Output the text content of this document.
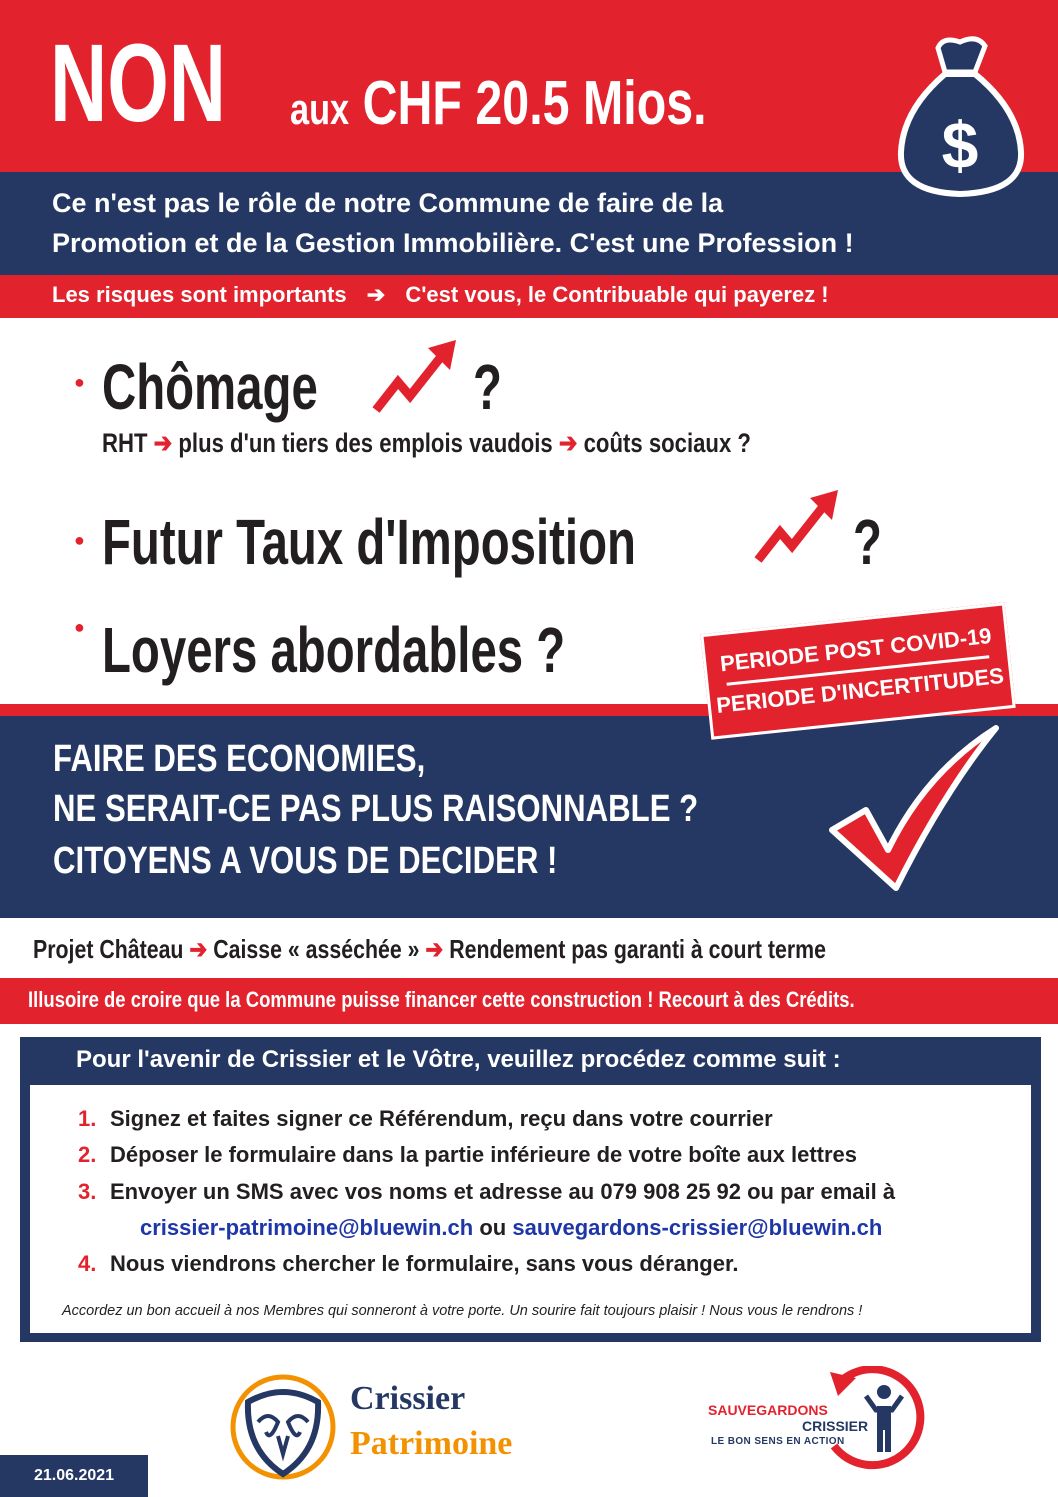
NON aux CHF 20.5 Mios.
$
Ce n'est pas le rôle de notre Commune de faire de la
Promotion et de la Gestion Immobilière. C'est une Profession !
Les risques sont importants ➔ C'est vous, le Contribuable qui payerez !
● Chômage ?
RHT ➔ plus d'un tiers des emplois vaudois ➔ coûts sociaux ?
● Futur Taux d'Imposition	?
● Loyers abordables ?	PERIODE POST COVID-19
PERIODE D'INCERTITUDES
FAIRE DES ECONOMIES,
NE SERAIT-CE PAS PLUS RAISONNABLE ?
CITOYENS A VOUS DE DECIDER !
Projet Château ➔ Caisse « asséchée » ➔ Rendement pas garanti à court terme
Illusoire de croire que la Commune puisse financer cette construction ! Recourt à des Crédits.
Pour l'avenir de Crissier et le Vôtre, veuillez procédez comme suit :
1. Signez et faites signer ce Référendum, reçu dans votre courrier
2. Déposer le formulaire dans la partie inférieure de votre boîte aux lettres
3. Envoyer un SMS avec vos noms et adresse au 079 908 25 92 ou par email à
crissier-patrimoine@bluewin.ch ou sauvegardons-crissier@bluewin.ch
4. Nous viendrons chercher le formulaire, sans vous déranger.
Accordez un bon accueil à nos Membres qui sonneront à votre porte. Un sourire fait toujours plaisir ! Nous vous le rendrons !
21.06.2021
Crissier
Patrimoine
SAUVEGARDONS
CRISSIER
LE BON SENS EN ACTION
